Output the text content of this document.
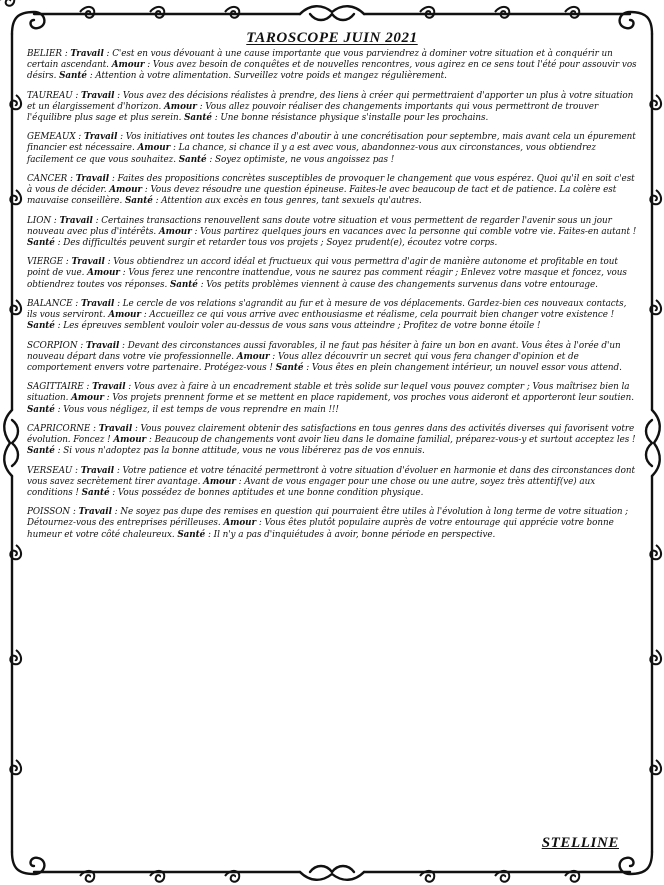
TAROSCOPE JUIN 2021

BELIER : Travail : C'est en vous dévouant à une cause importante que vous parviendrez à dominer votre situation et à conquérir un certain ascendant. Amour : Vous avez besoin de conquêtes et de nouvelles rencontres, vous agirez en ce sens tout l'été pour assouvir vos désirs. Santé : Attention à votre alimentation. Surveillez votre poids et mangez régulièrement.

TAUREAU : Travail : Vous avez des décisions réalistes à prendre, des liens à créer qui permettraient d'apporter un plus à votre situation et un élargissement d'horizon. Amour : Vous allez pouvoir réaliser des changements importants qui vous permettront de trouver l'équilibre plus sage et plus serein. Santé : Une bonne résistance physique s'installe pour les prochains.

GEMEAUX : Travail : Vos initiatives ont toutes les chances d'aboutir à une concrétisation pour septembre, mais avant cela un épurement financier est nécessaire. Amour : La chance, si chance il y a est avec vous, abandonnez-vous aux circonstances, vous obtiendrez facilement ce que vous souhaitez. Santé : Soyez optimiste, ne vous angoissez pas !

CANCER : Travail : Faites des propositions concrètes susceptibles de provoquer le changement que vous espérez. Quoi qu'il en soit c'est à vous de décider. Amour : Vous devez résoudre une question épineuse. Faites-le avec beaucoup de tact et de patience. La colère est mauvaise conseillère. Santé : Attention aux excès en tous genres, tant sexuels qu'autres.

LION : Travail : Certaines transactions renouvellent sans doute votre situation et vous permettent de regarder l'avenir sous un jour nouveau avec plus d'intérêts. Amour : Vous partirez quelques jours en vacances avec la personne qui comble votre vie. Faites-en autant ! Santé : Des difficultés peuvent surgir et retarder tous vos projets ; Soyez prudent(e), écoutez votre corps.

VIERGE : Travail : Vous obtiendrez un accord idéal et fructueux qui vous permettra d'agir de manière autonome et profitable en tout point de vue. Amour : Vous ferez une rencontre inattendue, vous ne saurez pas comment réagir ; Enlevez votre masque et foncez, vous obtiendrez toutes vos réponses. Santé : Vos petits problèmes viennent à cause des changements survenus dans votre entourage.

BALANCE : Travail : Le cercle de vos relations s'agrandit au fur et à mesure de vos déplacements. Gardez-bien ces nouveaux contacts, ils vous serviront. Amour : Accueillez ce qui vous arrive avec enthousiasme et réalisme, cela pourrait bien changer votre existence ! Santé : Les épreuves semblent vouloir voler au-dessus de vous sans vous atteindre ; Profitez de votre bonne étoile !

SCORPION : Travail : Devant des circonstances aussi favorables, il ne faut pas hésiter à faire un bon en avant. Vous êtes à l'orée d'un nouveau départ dans votre vie professionnelle. Amour : Vous allez découvrir un secret qui vous fera changer d'opinion et de comportement envers votre partenaire. Protégez-vous ! Santé : Vous êtes en plein changement intérieur, un nouvel essor vous attend.

SAGITTAIRE : Travail : Vous avez à faire à un encadrement stable et très solide sur lequel vous pouvez compter ; Vous maîtrisez bien la situation. Amour : Vos projets prennent forme et se mettent en place rapidement, vos proches vous aideront et apporteront leur soutien. Santé : Vous vous négligez, il est temps de vous reprendre en main !!!

CAPRICORNE : Travail : Vous pouvez clairement obtenir des satisfactions en tous genres dans des activités diverses qui favorisent votre évolution. Foncez ! Amour : Beaucoup de changements vont avoir lieu dans le domaine familial, préparez-vous-y et surtout acceptez les ! Santé : Si vous n'adoptez pas la bonne attitude, vous ne vous libérerez pas de vos ennuis.

VERSEAU : Travail : Votre patience et votre ténacité permettront à votre situation d'évoluer en harmonie et dans des circonstances dont vous savez secrètement tirer avantage. Amour : Avant de vous engager pour une chose ou une autre, soyez très attentif(ve) aux conditions ! Santé : Vous possédez de bonnes aptitudes et une bonne condition physique.

POISSON : Travail : Ne soyez pas dupe des remises en question qui pourraient être utiles à l'évolution à long terme de votre situation ; Détournez-vous des entreprises périlleuses. Amour : Vous êtes plutôt populaire auprès de votre entourage qui apprécie votre bonne humeur et votre côté chaleureux. Santé : Il n'y a pas d'inquiétudes à avoir, bonne période en perspective.

STELLINE
